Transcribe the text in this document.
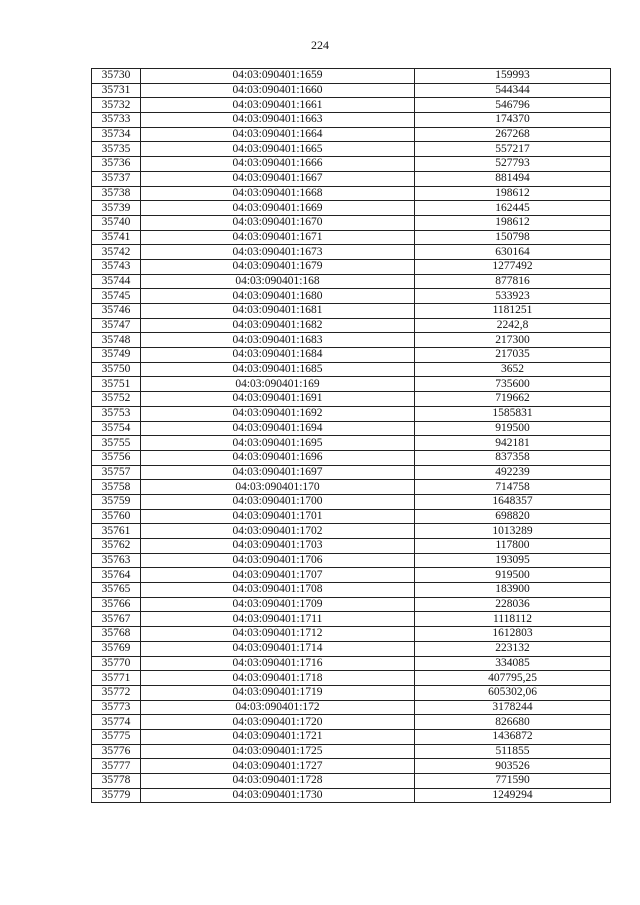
224
35730	04:03:090401:1659	159993
35731	04:03:090401:1660	544344
35732	04:03:090401:1661	546796
35733	04:03:090401:1663	174370
35734	04:03:090401:1664	267268
35735	04:03:090401:1665	557217
35736	04:03:090401:1666	527793
35737	04:03:090401:1667	881494
35738	04:03:090401:1668	198612
35739	04:03:090401:1669	162445
35740	04:03:090401:1670	198612
35741	04:03:090401:1671	150798
35742	04:03:090401:1673	630164
35743	04:03:090401:1679	1277492
35744	04:03:090401:168	877816
35745	04:03:090401:1680	533923
35746	04:03:090401:1681	1181251
35747	04:03:090401:1682	2242,8
35748	04:03:090401:1683	217300
35749	04:03:090401:1684	217035
35750	04:03:090401:1685	3652
35751	04:03:090401:169	735600
35752	04:03:090401:1691	719662
35753	04:03:090401:1692	1585831
35754	04:03:090401:1694	919500
35755	04:03:090401:1695	942181
35756	04:03:090401:1696	837358
35757	04:03:090401:1697	492239
35758	04:03:090401:170	714758
35759	04:03:090401:1700	1648357
35760	04:03:090401:1701	698820
35761	04:03:090401:1702	1013289
35762	04:03:090401:1703	117800
35763	04:03:090401:1706	193095
35764	04:03:090401:1707	919500
35765	04:03:090401:1708	183900
35766	04:03:090401:1709	228036
35767	04:03:090401:1711	1118112
35768	04:03:090401:1712	1612803
35769	04:03:090401:1714	223132
35770	04:03:090401:1716	334085
35771	04:03:090401:1718	407795,25
35772	04:03:090401:1719	605302,06
35773	04:03:090401:172	3178244
35774	04:03:090401:1720	826680
35775	04:03:090401:1721	1436872
35776	04:03:090401:1725	511855
35777	04:03:090401:1727	903526
35778	04:03:090401:1728	771590
35779	04:03:090401:1730	1249294
